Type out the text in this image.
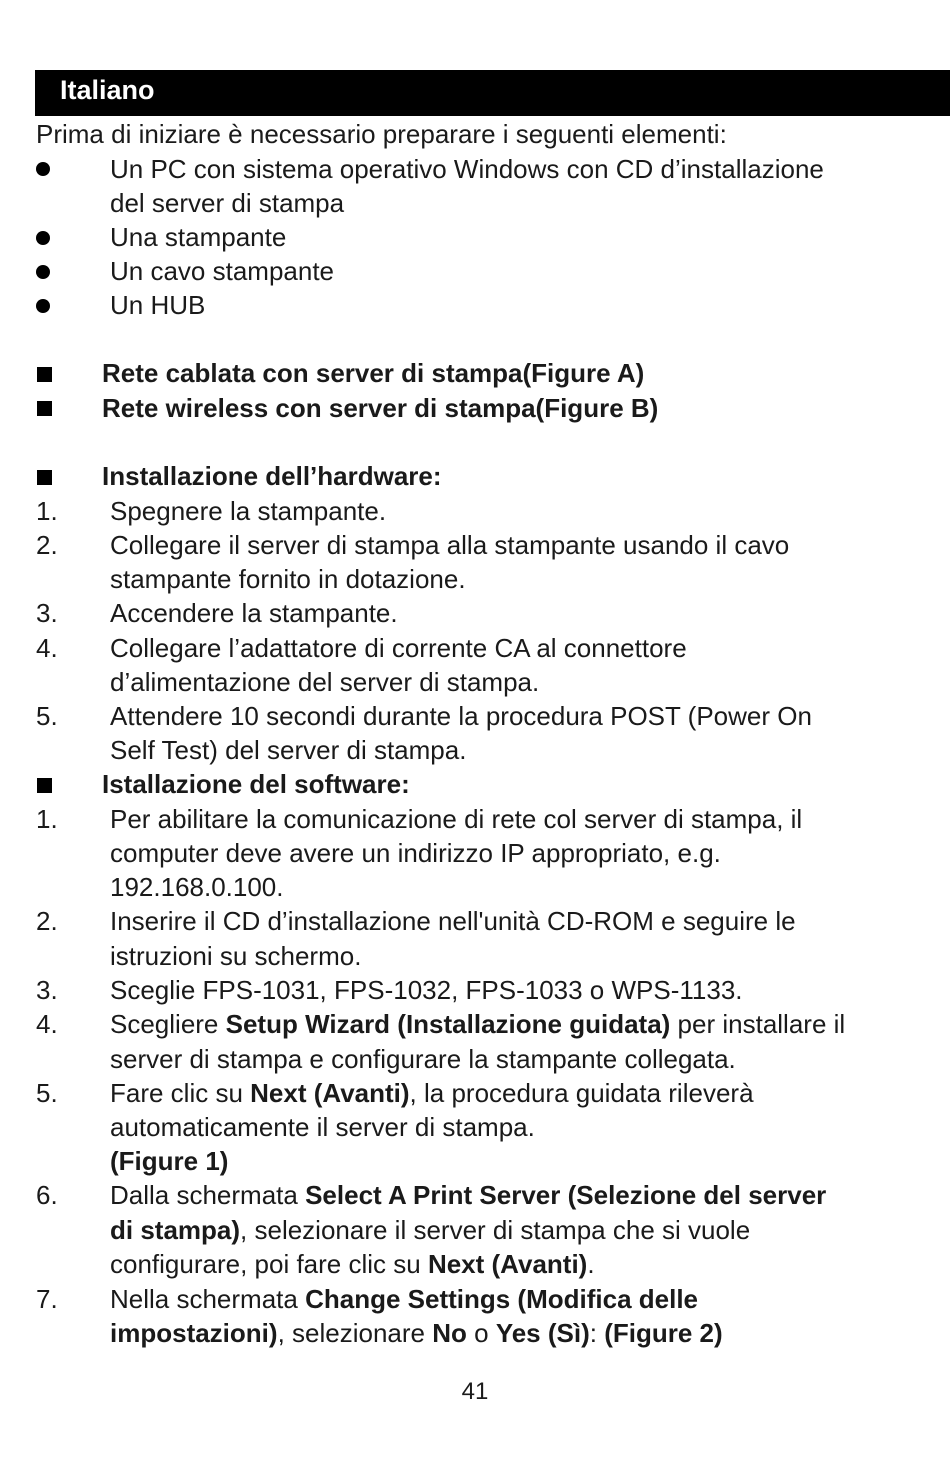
Italiano
Prima di iniziare è necessario preparare i seguenti elementi:
Un PC con sistema operativo Windows con CD d’installazione
del server di stampa
Una stampante
Un cavo stampante
Un HUB
Rete cablata con server di stampa(Figure A)
Rete wireless con server di stampa(Figure B)
Installazione dell’hardware:
1. Spegnere la stampante.
2. Collegare il server di stampa alla stampante usando il cavo
stampante fornito in dotazione.
3. Accendere la stampante.
4. Collegare l’adattatore di corrente CA al connettore
d’alimentazione del server di stampa.
5. Attendere 10 secondi durante la procedura POST (Power On
Self Test) del server di stampa.
Istallazione del software:
1. Per abilitare la comunicazione di rete col server di stampa, il
computer deve avere un indirizzo IP appropriato, e.g.
192.168.0.100.
2. Inserire il CD d’installazione nell'unità CD-ROM e seguire le
istruzioni su schermo.
3. Sceglie FPS-1031, FPS-1032, FPS-1033 o WPS-1133.
4. Scegliere Setup Wizard (Installazione guidata) per installare il
server di stampa e configurare la stampante collegata.
5. Fare clic su Next (Avanti), la procedura guidata rileverà
automaticamente il server di stampa.
(Figure 1)
6. Dalla schermata Select A Print Server (Selezione del server
di stampa), selezionare il server di stampa che si vuole
configurare, poi fare clic su Next (Avanti).
7. Nella schermata Change Settings (Modifica delle
impostazioni), selezionare No o Yes (Sì): (Figure 2)
41
